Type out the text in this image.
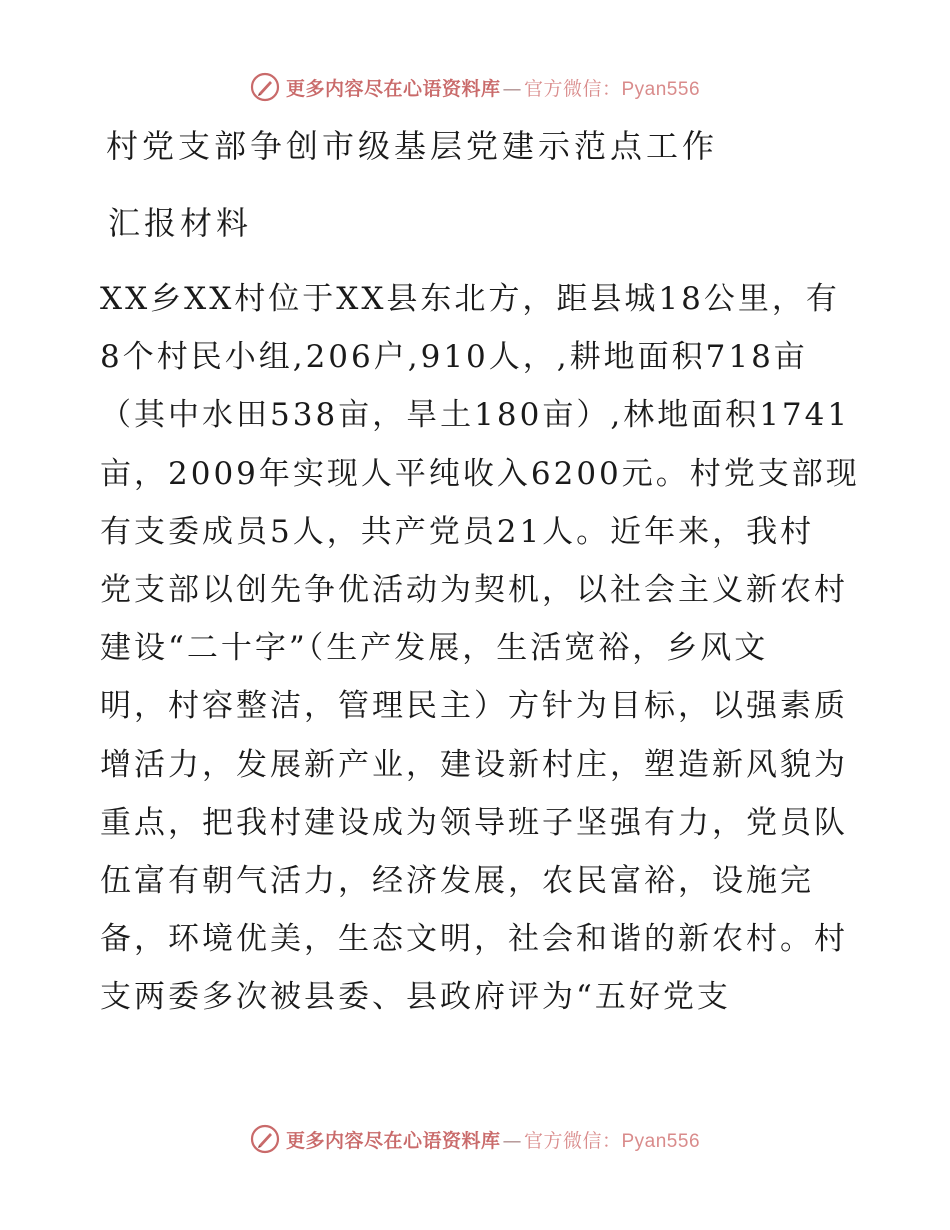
更多内容尽在心语资料库 — 官方微信：Pyan556
村党支部争创市级基层党建示范点工作
汇报材料
XX乡XX村位于XX县东北方，距县城18公里，有
8个村民小组,206户,910人，,耕地面积718亩
（其中水田538亩，旱土180亩）,林地面积1741
亩，2009年实现人平纯收入6200元。村党支部现
有支委成员5人，共产党员21人。近年来，我村
党支部以创先争优活动为契机，以社会主义新农村
建设“二十字”（生产发展，生活宽裕，乡风文
明，村容整洁，管理民主）方针为目标，以强素质
增活力，发展新产业，建设新村庄，塑造新风貌为
重点，把我村建设成为领导班子坚强有力，党员队
伍富有朝气活力，经济发展，农民富裕，设施完
备，环境优美，生态文明，社会和谐的新农村。村
支两委多次被县委、县政府评为“五好党支
更多内容尽在心语资料库 — 官方微信：Pyan556
